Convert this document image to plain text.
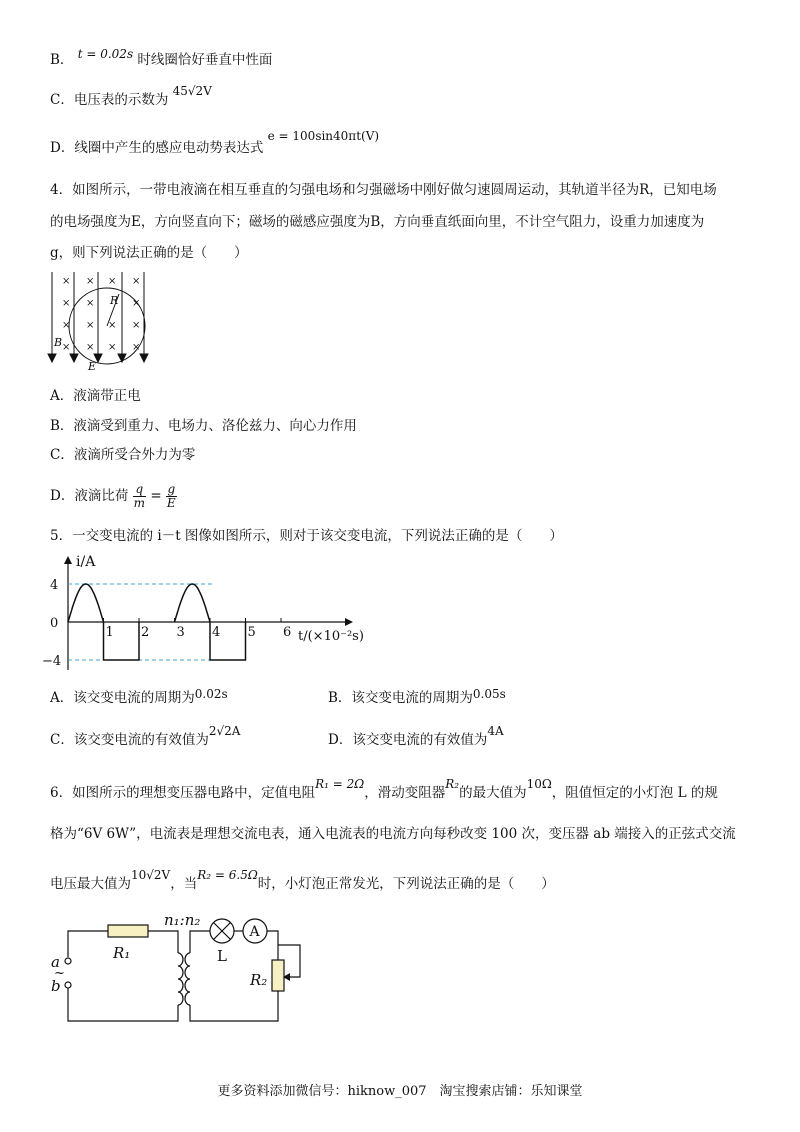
B． t = 0.02s 时线圈恰好垂直中性面
C．电压表的示数为 45√2V
D．线圈中产生的感应电动势表达式 e = 100sin40πt(V)
4．如图所示，一带电液滴在相互垂直的匀强电场和匀强磁场中刚好做匀速圆周运动，其轨道半径为R，已知电场
的电场强度为E，方向竖直向下；磁场的磁感应强度为B，方向垂直纸面向里，不计空气阻力，设重力加速度为
g，则下列说法正确的是（　　）
× × × ×
× ×	×
× × × ×
× × × ×
R
B
E
A．液滴带正电
B．液滴受到重力、电场力、洛伦兹力、向心力作用
C．液滴所受合外力为零
D．液滴比荷 $\frac{q}{m} = \frac{g}{E}$
5．一交变电流的 i－t 图像如图所示，则对于该交变电流，下列说法正确的是（　　）
i/A
t/(×10⁻²s)
1 2 3 4 5 6
4
0
−4
A．该交变电流的周期为0.02s	B．该交变电流的周期为0.05s
C．该交变电流的有效值为2√2A
D．该交变电流的有效值为4A
6．如图所示的理想变压器电路中，定值电阻R₁ = 2Ω，滑动变阻器R₂的最大值为10Ω，阻值恒定的小灯泡 L 的规
格为“6V 6W”，电流表是理想交流电表，通入电流表的电流方向每秒改变 100 次，变压器 ab 端接入的正弦式交流
电压最大值为10√2V，当R₂ = 6.5Ω时，小灯泡正常发光，下列说法正确的是（　　）
A
a
~
b
R₁
n₁:n₂
L
R₂
更多资料添加微信号：hiknow_007　淘宝搜索店铺：乐知课堂
